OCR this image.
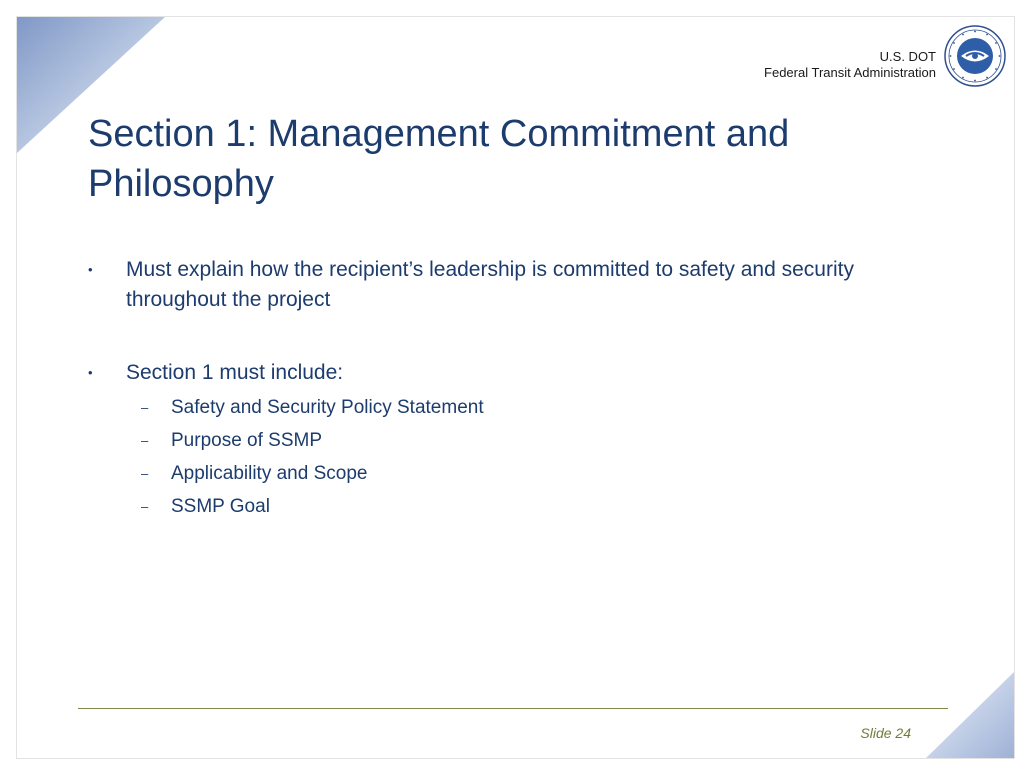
U.S. DOT
Federal Transit Administration
Section 1: Management Commitment and Philosophy
• Must explain how the recipient’s leadership is committed to safety and security throughout the project
• Section 1 must include:
– Safety and Security Policy Statement
– Purpose of SSMP
– Applicability and Scope
– SSMP Goal
Slide 24
